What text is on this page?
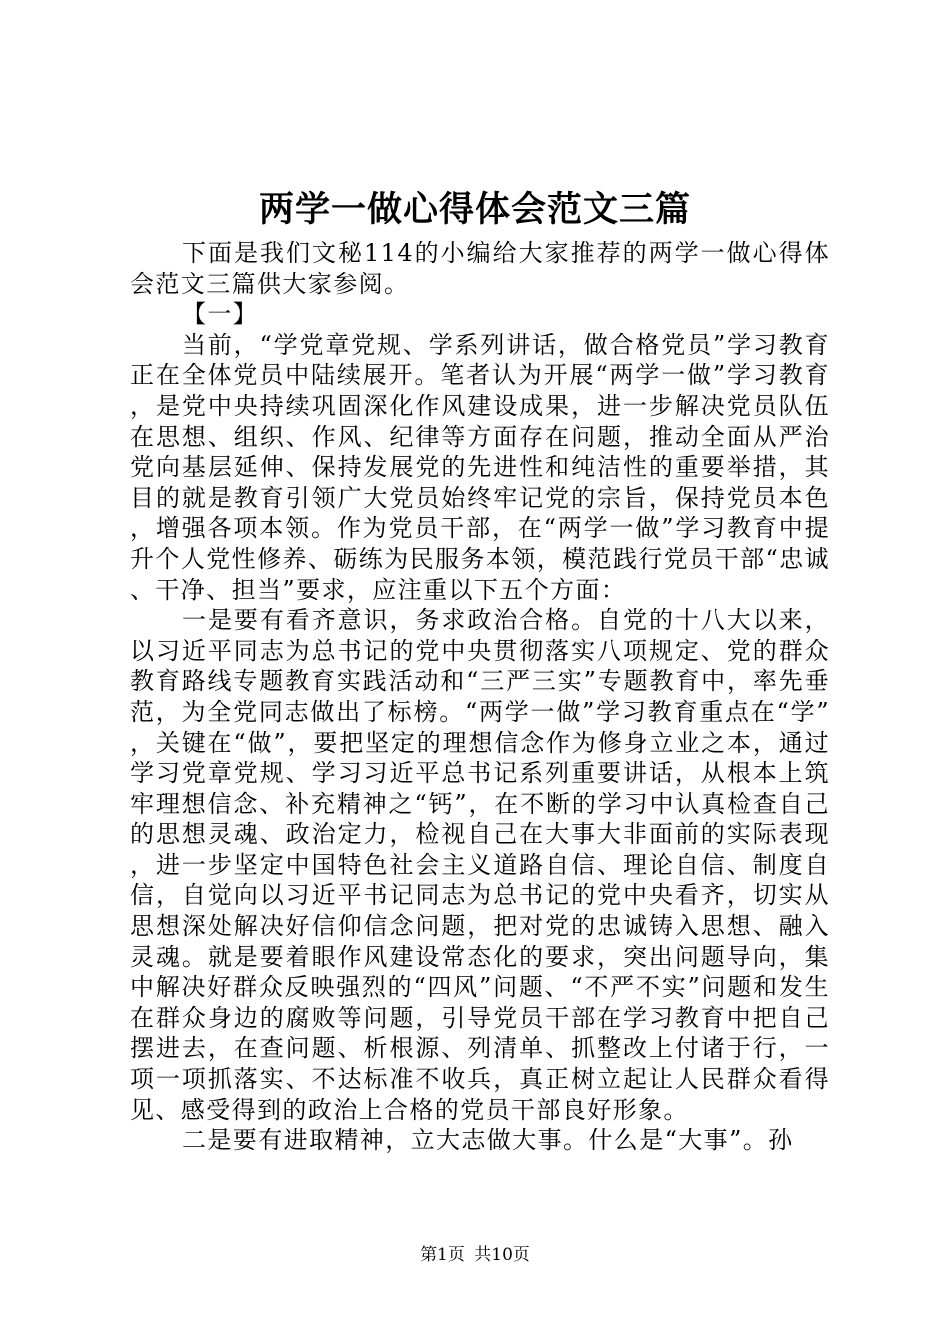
两学一做心得体会范文三篇

下面是我们文秘114的小编给大家推荐的两学一做心得体会范文三篇供大家参阅。

【一】

当前，“学党章党规、学系列讲话，做合格党员”学习教育正在全体党员中陆续展开。笔者认为开展“两学一做”学习教育，是党中央持续巩固深化作风建设成果，进一步解决党员队伍在思想、组织、作风、纪律等方面存在问题，推动全面从严治党向基层延伸、保持发展党的先进性和纯洁性的重要举措，其目的就是教育引领广大党员始终牢记党的宗旨，保持党员本色，增强各项本领。作为党员干部，在“两学一做”学习教育中提升个人党性修养、砺练为民服务本领，模范践行党员干部“忠诚、干净、担当”要求，应注重以下五个方面：

一是要有看齐意识，务求政治合格。自党的十八大以来，以习近平同志为总书记的党中央贯彻落实八项规定、党的群众教育路线专题教育实践活动和“三严三实”专题教育中，率先垂范，为全党同志做出了标榜。“两学一做”学习教育重点在“学”，关键在“做”，要把坚定的理想信念作为修身立业之本，通过学习党章党规、学习习近平总书记系列重要讲话，从根本上筑牢理想信念、补充精神之“钙”，在不断的学习中认真检查自己的思想灵魂、政治定力，检视自己在大事大非面前的实际表现，进一步坚定中国特色社会主义道路自信、理论自信、制度自信，自觉向以习近平书记同志为总书记的党中央看齐，切实从思想深处解决好信仰信念问题，把对党的忠诚铸入思想、融入灵魂。就是要着眼作风建设常态化的要求，突出问题导向，集中解决好群众反映强烈的“四风”问题、“不严不实”问题和发生在群众身边的腐败等问题，引导党员干部在学习教育中把自己摆进去，在查问题、析根源、列清单、抓整改上付诸于行，一项一项抓落实、不达标准不收兵，真正树立起让人民群众看得见、感受得到的政治上合格的党员干部良好形象。

二是要有进取精神，立大志做大事。什么是“大事”。孙

第1页 共10页
